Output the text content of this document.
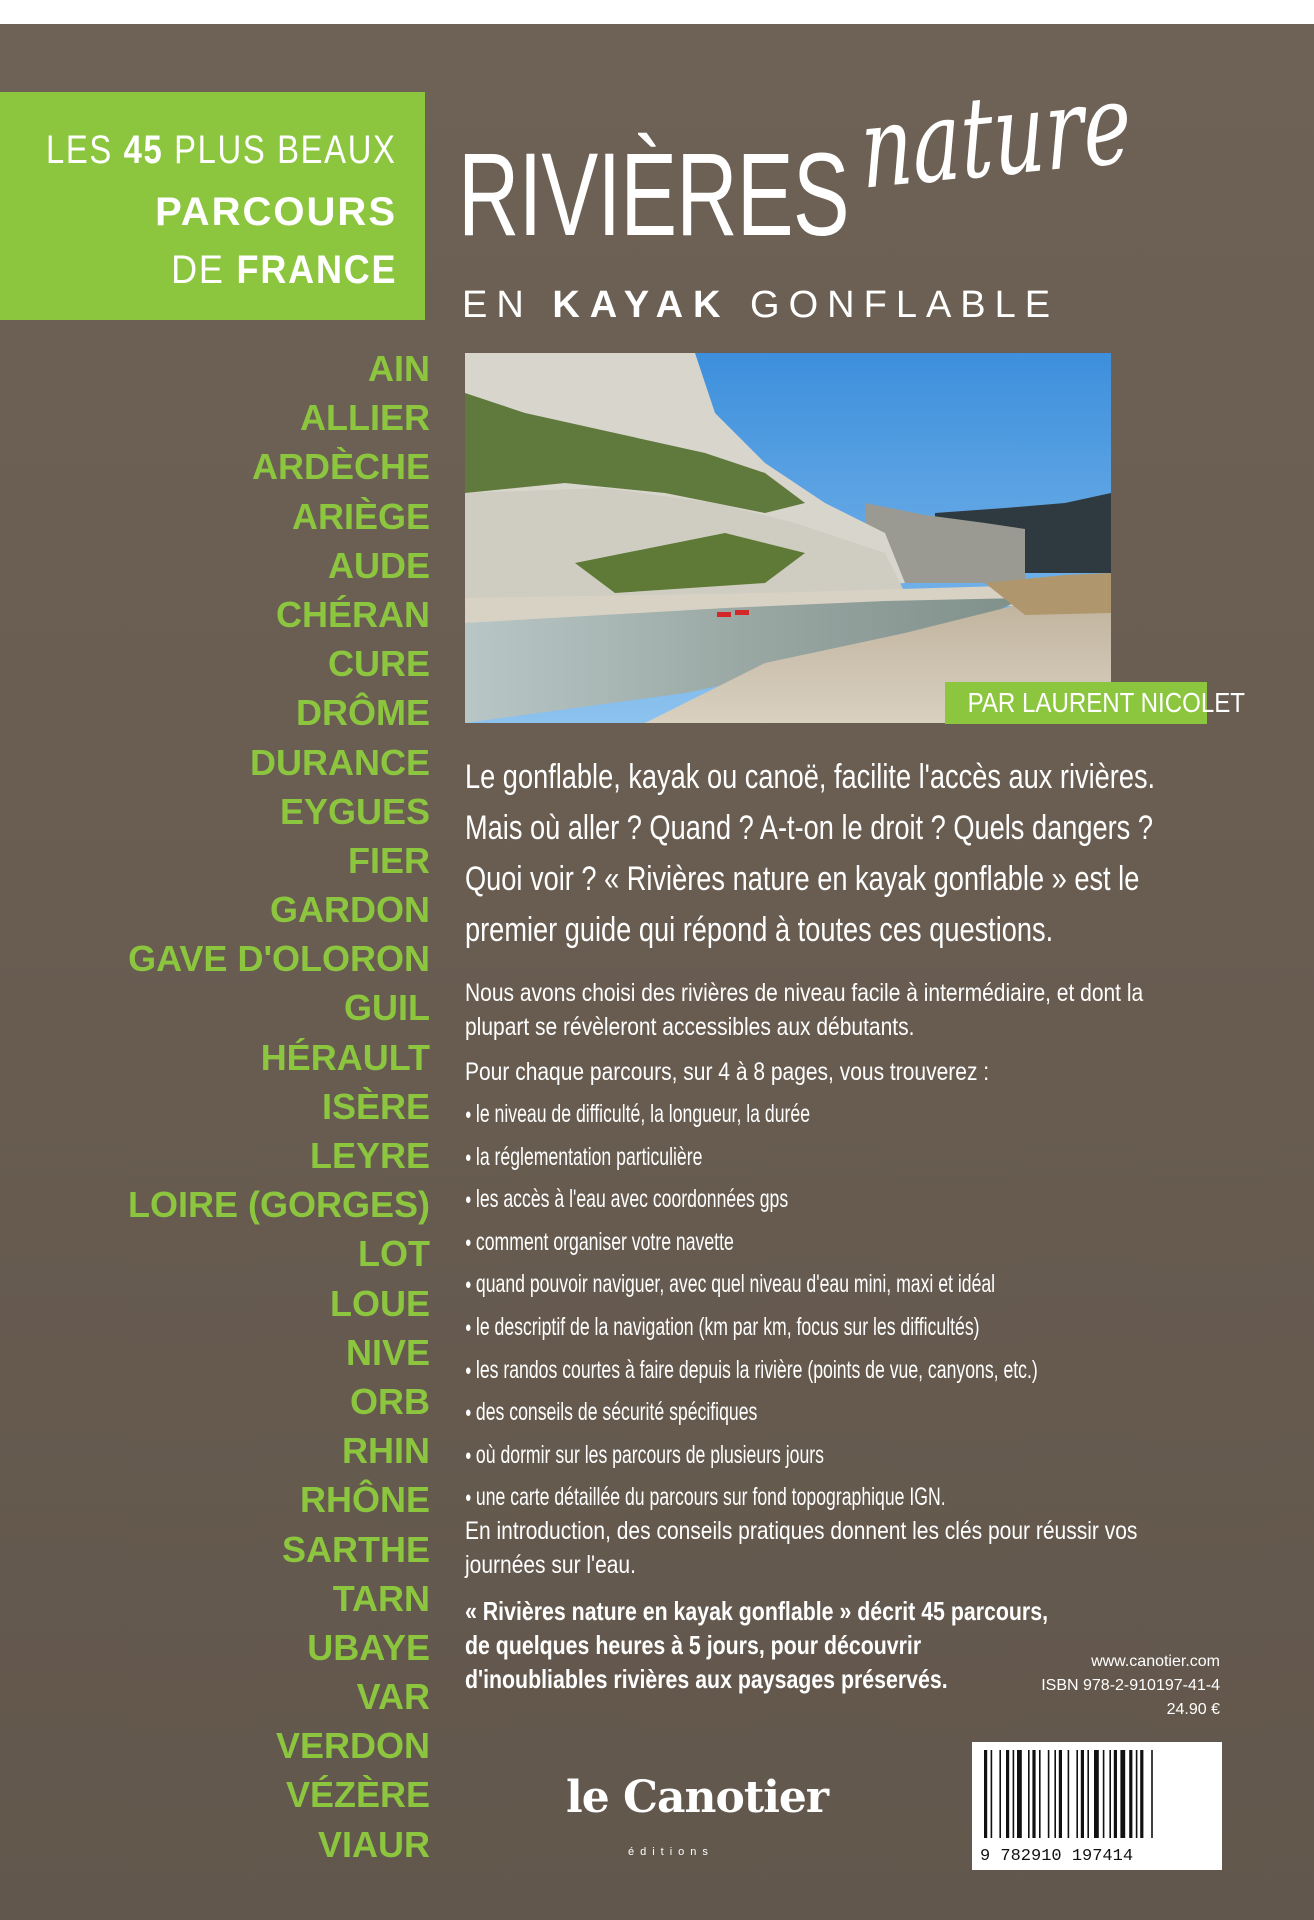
LES 45 PLUS BEAUX
PARCOURS
DE FRANCE
RIVIÈRES nature
EN KAYAK GONFLABLE
PAR LAURENT NICOLET
AIN
ALLIER
ARDÈCHE
ARIÈGE
AUDE
CHÉRAN
CURE
DRÔME
DURANCE
EYGUES
FIER
GARDON
GAVE D'OLORON
GUIL
HÉRAULT
ISÈRE
LEYRE
LOIRE (GORGES)
LOT
LOUE
NIVE
ORB
RHIN
RHÔNE
SARTHE
TARN
UBAYE
VAR
VERDON
VÉZÈRE
VIAUR

Le gonflable, kayak ou canoë, facilite l'accès aux rivières.

Mais où aller ? Quand ? A-t-on le droit ? Quels dangers ?

Quoi voir ? « Rivières nature en kayak gonflable » est le

premier guide qui répond à toutes ces questions.

Nous avons choisi des rivières de niveau facile à intermédiaire, et dont la

plupart se révèleront accessibles aux débutants.

Pour chaque parcours, sur 4 à 8 pages, vous trouverez :

● le niveau de difficulté, la longueur, la durée
● la réglementation particulière
● les accès à l'eau avec coordonnées gps
● comment organiser votre navette
● quand pouvoir naviguer, avec quel niveau d'eau mini, maxi et idéal
● le descriptif de la navigation (km par km, focus sur les difficultés)
● les randos courtes à faire depuis la rivière (points de vue, canyons, etc.)
● des conseils de sécurité spécifiques
● où dormir sur les parcours de plusieurs jours
● une carte détaillée du parcours sur fond topographique IGN.

En introduction, des conseils pratiques donnent les clés pour réussir vos

journées sur l'eau.

« Rivières nature en kayak gonflable » décrit 45 parcours,

de quelques heures à 5 jours, pour découvrir

d'inoubliables rivières aux paysages préservés.

www.canotier.com
ISBN 978-2-910197-41-4
24.90 €
9 782910 197414
le Canotier
éditions
